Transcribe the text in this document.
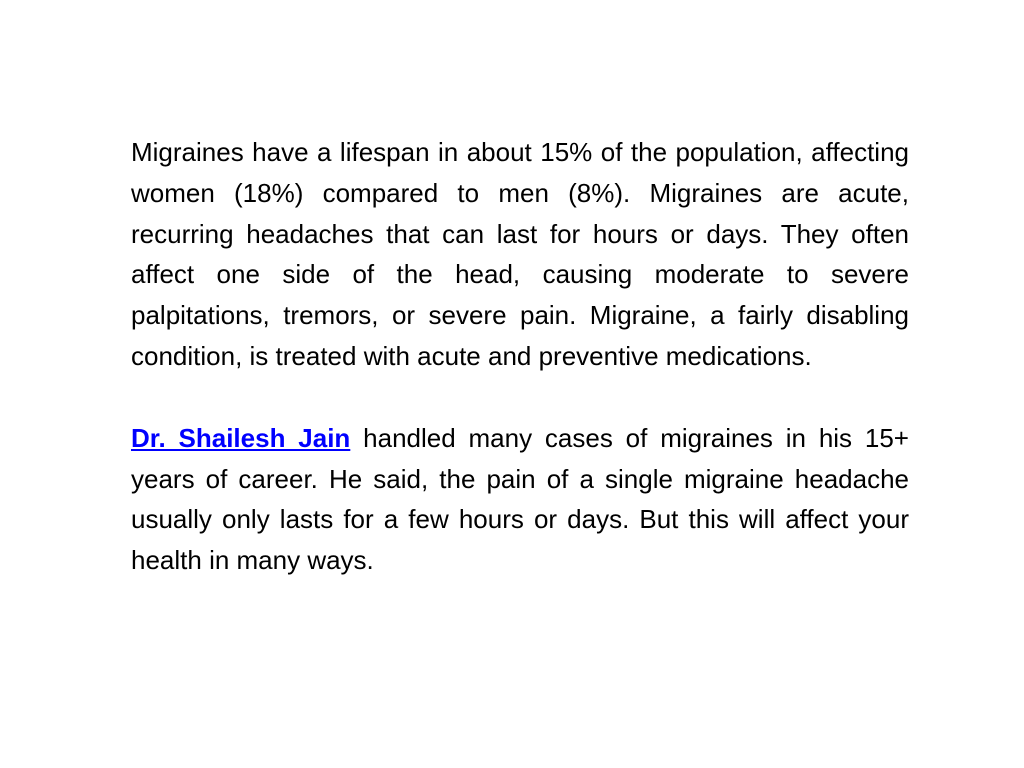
Migraines have a lifespan in about 15% of the population, affecting women (18%) compared to men (8%). Migraines are acute, recurring headaches that can last for hours or days. They often affect one side of the head, causing moderate to severe palpitations, tremors, or severe pain. Migraine, a fairly disabling condition, is treated with acute and preventive medications.

Dr. Shailesh Jain handled many cases of migraines in his 15+ years of career. He said, the pain of a single migraine headache usually only lasts for a few hours or days. But this will affect your health in many ways.
